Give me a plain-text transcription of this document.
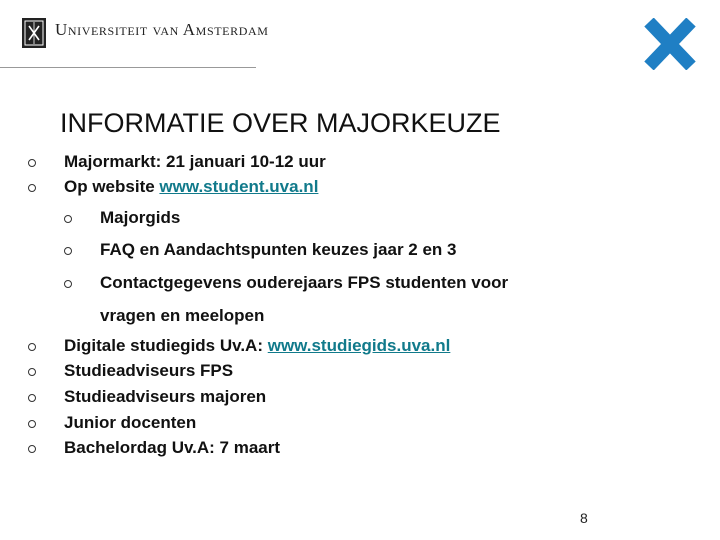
Universiteit van Amsterdam
INFORMATIE OVER MAJORKEUZE
Majormarkt: 21 januari 10-12 uur
Op website www.student.uva.nl
Majorgids
FAQ en Aandachtspunten keuzes jaar 2 en 3
Contactgegevens ouderejaars FPS studenten voor
vragen en meelopen
Digitale studiegids Uv.A: www.studiegids.uva.nl
Studieadviseurs FPS
Studieadviseurs majoren
Junior docenten
Bachelordag Uv.A: 7 maart
8
